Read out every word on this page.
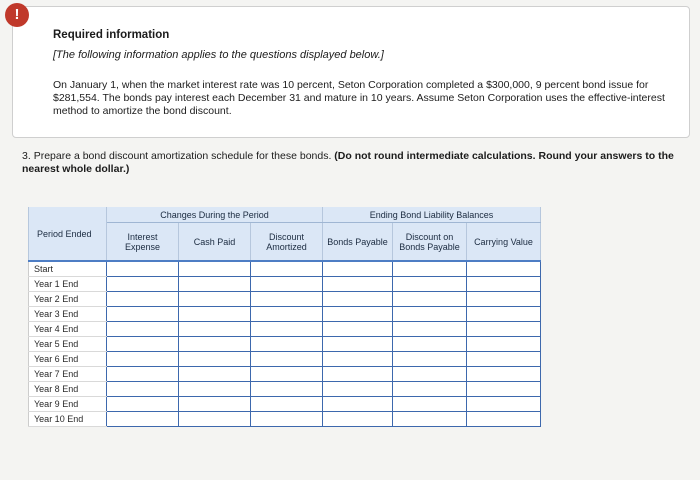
!
Required information
[The following information applies to the questions displayed below.]
On January 1, when the market interest rate was 10 percent, Seton Corporation completed a $300,000, 9 percent bond issue for $281,554. The bonds pay interest each December 31 and mature in 10 years. Assume Seton Corporation uses the effective-interest method to amortize the bond discount.
3. Prepare a bond discount amortization schedule for these bonds. (Do not round intermediate calculations. Round your answers to the nearest whole dollar.)
Period Ended	Changes During the Period			Ending Bond Liability Balances		
	Interest Expense	Cash Paid	Discount Amortized	Bonds Payable	Discount on Bonds Payable	Carrying Value
Start	

Year 1 End	

Year 2 End	

Year 3 End	

Year 4 End	

Year 5 End	

Year 6 End	

Year 7 End	

Year 8 End	

Year 9 End	

Year 10 End	
